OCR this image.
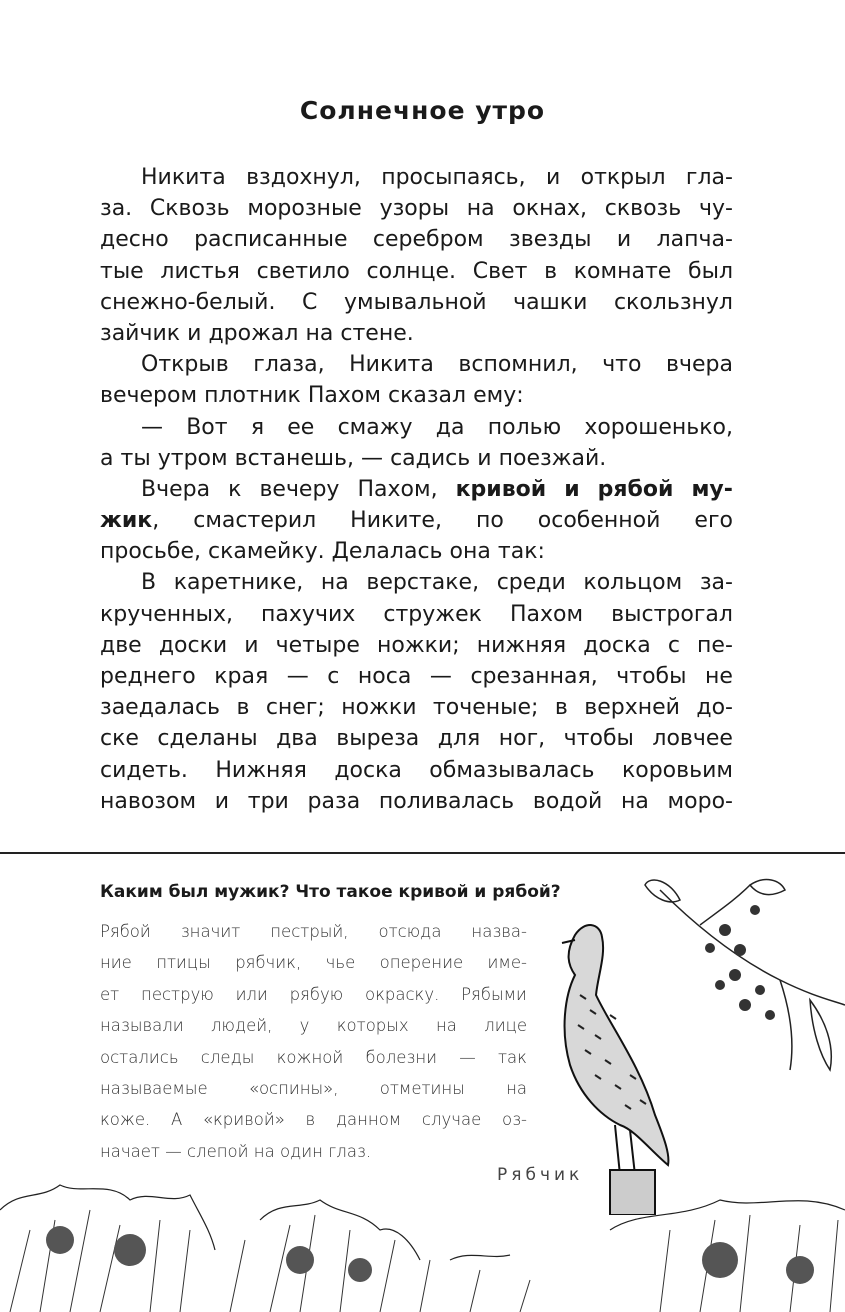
Солнечное утро
Никита вздохнул, просыпаясь, и открыл гла-
за. Сквозь морозные узоры на окнах, сквозь чу-
десно расписанные серебром звезды и лапча-
тые листья светило солнце. Свет в комнате был
снежно-белый. С умывальной чашки скользнул
зайчик и дрожал на стене.
Открыв глаза, Никита вспомнил, что вчера
вечером плотник Пахом сказал ему:
— Вот я ее смажу да полью хорошенько,
а ты утром встанешь, — садись и поезжай.
Вчера к вечеру Пахом, кривой и рябой му-
жик, смастерил Никите, по особенной его
просьбе, скамейку. Делалась она так:
В каретнике, на верстаке, среди кольцом за-
крученных, пахучих стружек Пахом выстрогал
две доски и четыре ножки; нижняя доска с пе-
реднего края — с носа — срезанная, чтобы не
заедалась в снег; ножки точеные; в верхней до-
ске сделаны два выреза для ног, чтобы ловчее
сидеть. Нижняя доска обмазывалась коровьим
навозом и три раза поливалась водой на моро-
Каким был мужик? Что такое кривой и рябой?
Рябой значит пестрый, отсюда назва-
ние птицы рябчик, чье оперение име-
ет пеструю или рябую окраску. Рябыми
называли людей, у которых на лице
остались следы кожной болезни — так
называемые «оспины», отметины на
коже. А «кривой» в данном случае оз-
начает — слепой на один глаз.
Рябчик
